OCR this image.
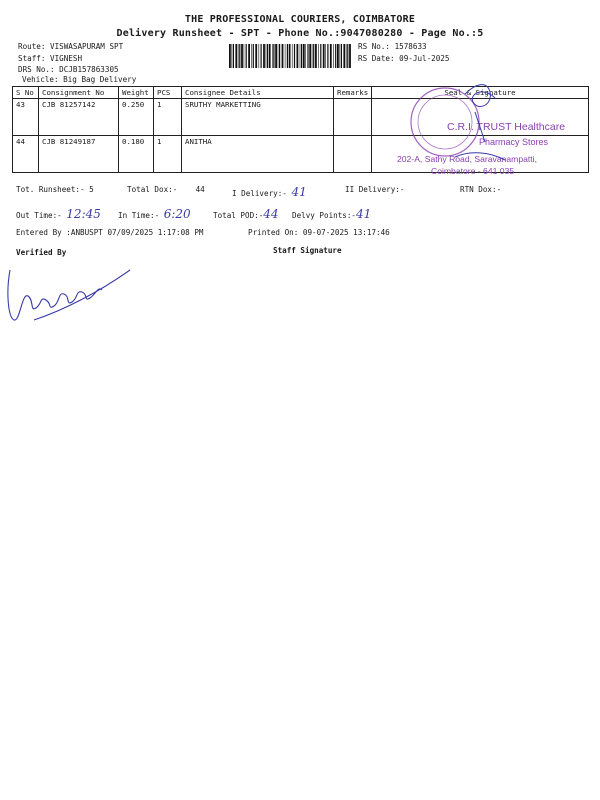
THE PROFESSIONAL COURIERS, COIMBATORE
Delivery Runsheet - SPT - Phone No.:9047080280 - Page No.:5
Route: VISWASAPURAM SPT
Staff: VIGNESH
DRS No.: DCJB157863305
Vehicle: Big Bag Delivery
RS No.: 1578633
RS Date: 09-Jul-2025
S No	Consignment No	Weight	PCS	Consignee Details	Remarks	Seal & Signature
43	CJB 81257142	0.250	1	SRUTHY MARKETTING		
44	CJB 81249187	0.180	1	ANITHA		
C.R.I. TRUST Healthcare
Pharmacy Stores
202-A, Sathy Road, Saravanampatti,
Coimbatore - 641 035
Tot. Runsheet:- 5	Total Dox:- 44	I Delivery:- 41	II Delivery:-	RTN Dox:-
Out Time:- 12:45 In Time:- 6:20	Total POD:-44 Delvy Points:-41
Entered By :ANBUSPT 07/09/2025 1:17:08 PM	Printed On: 09-07-2025 13:17:46
Verified By	Staff Signature
